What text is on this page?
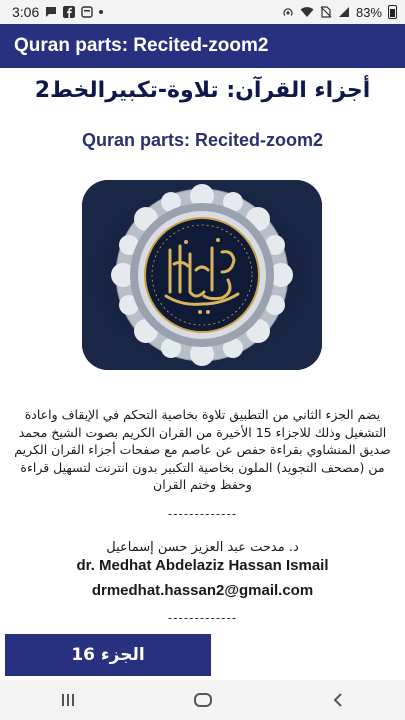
3:06	83%
Quran parts: Recited-zoom2
أجزاء القرآن: تلاوة-تكبيرالخط2
Quran parts: Recited-zoom2
يضم الجزء الثاني من التطبيق تلاوة بخاصية التحكم في الإيقاف واعادة التشغيل وذلك للاجزاء 15 الأخيرة من القران الكريم بصوت الشيخ محمد صديق المنشاوي بقراءة حفص عن عاصم مع صفحات أجزاء القران الكريم من (مصحف التجويد) الملون بخاصية التكبير بدون انترنت لتسهيل قراءة وحفظ وختم القران
-------------
د. مدحت عبد العزيز حسن إسماعيل
dr. Medhat Abdelaziz Hassan Ismail
drmedhat.hassan2@gmail.com
-------------
الجزء 16
